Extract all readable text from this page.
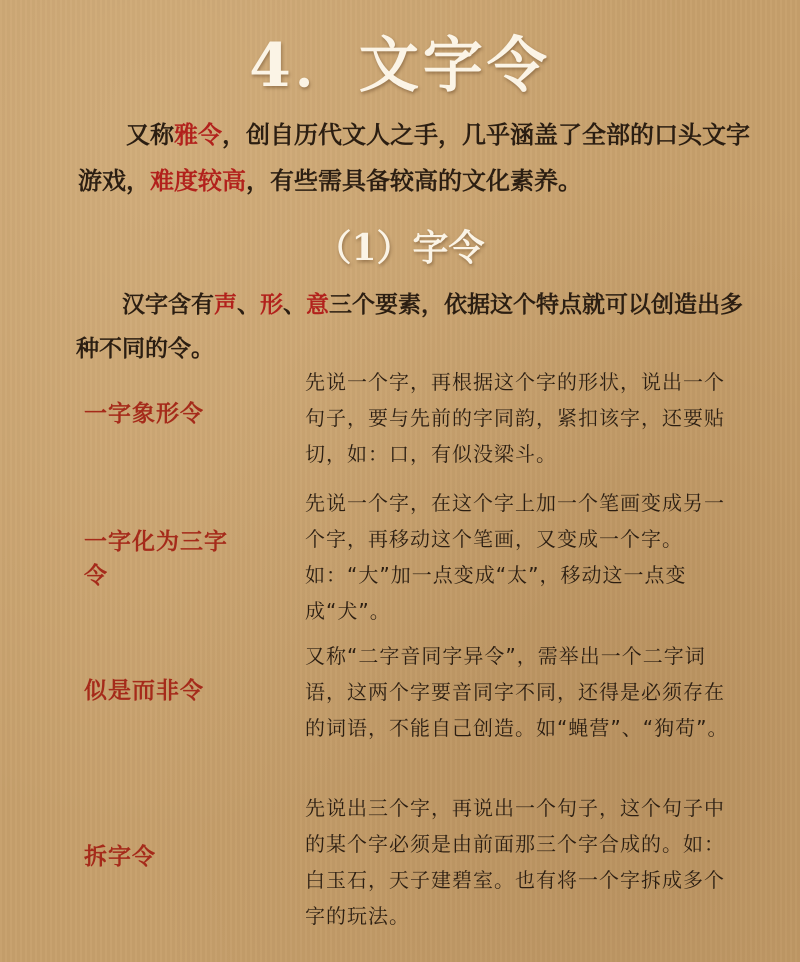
4．文字令
又称雅令，创自历代文人之手，几乎涵盖了全部的口头文字游戏，难度较高，有些需具备较高的文化素养。
（1）字令
汉字含有声、形、意三个要素，依据这个特点就可以创造出多种不同的令。
一字象形令
先说一个字，再根据这个字的形状，说出一个句子，要与先前的字同韵，紧扣该字，还要贴切，如：口，有似没梁斗。
一字化为三字令
先说一个字，在这个字上加一个笔画变成另一个字，再移动这个笔画，又变成一个字。如：“大”加一点变成“太”，移动这一点变成“犬”。
似是而非令
又称“二字音同字异令”，需举出一个二字词语，这两个字要音同字不同，还得是必须存在的词语，不能自己创造。如“蝇营”、“狗苟”。
拆字令
先说出三个字，再说出一个句子，这个句子中的某个字必须是由前面那三个字合成的。如：白玉石，天子建碧室。也有将一个字拆成多个字的玩法。
